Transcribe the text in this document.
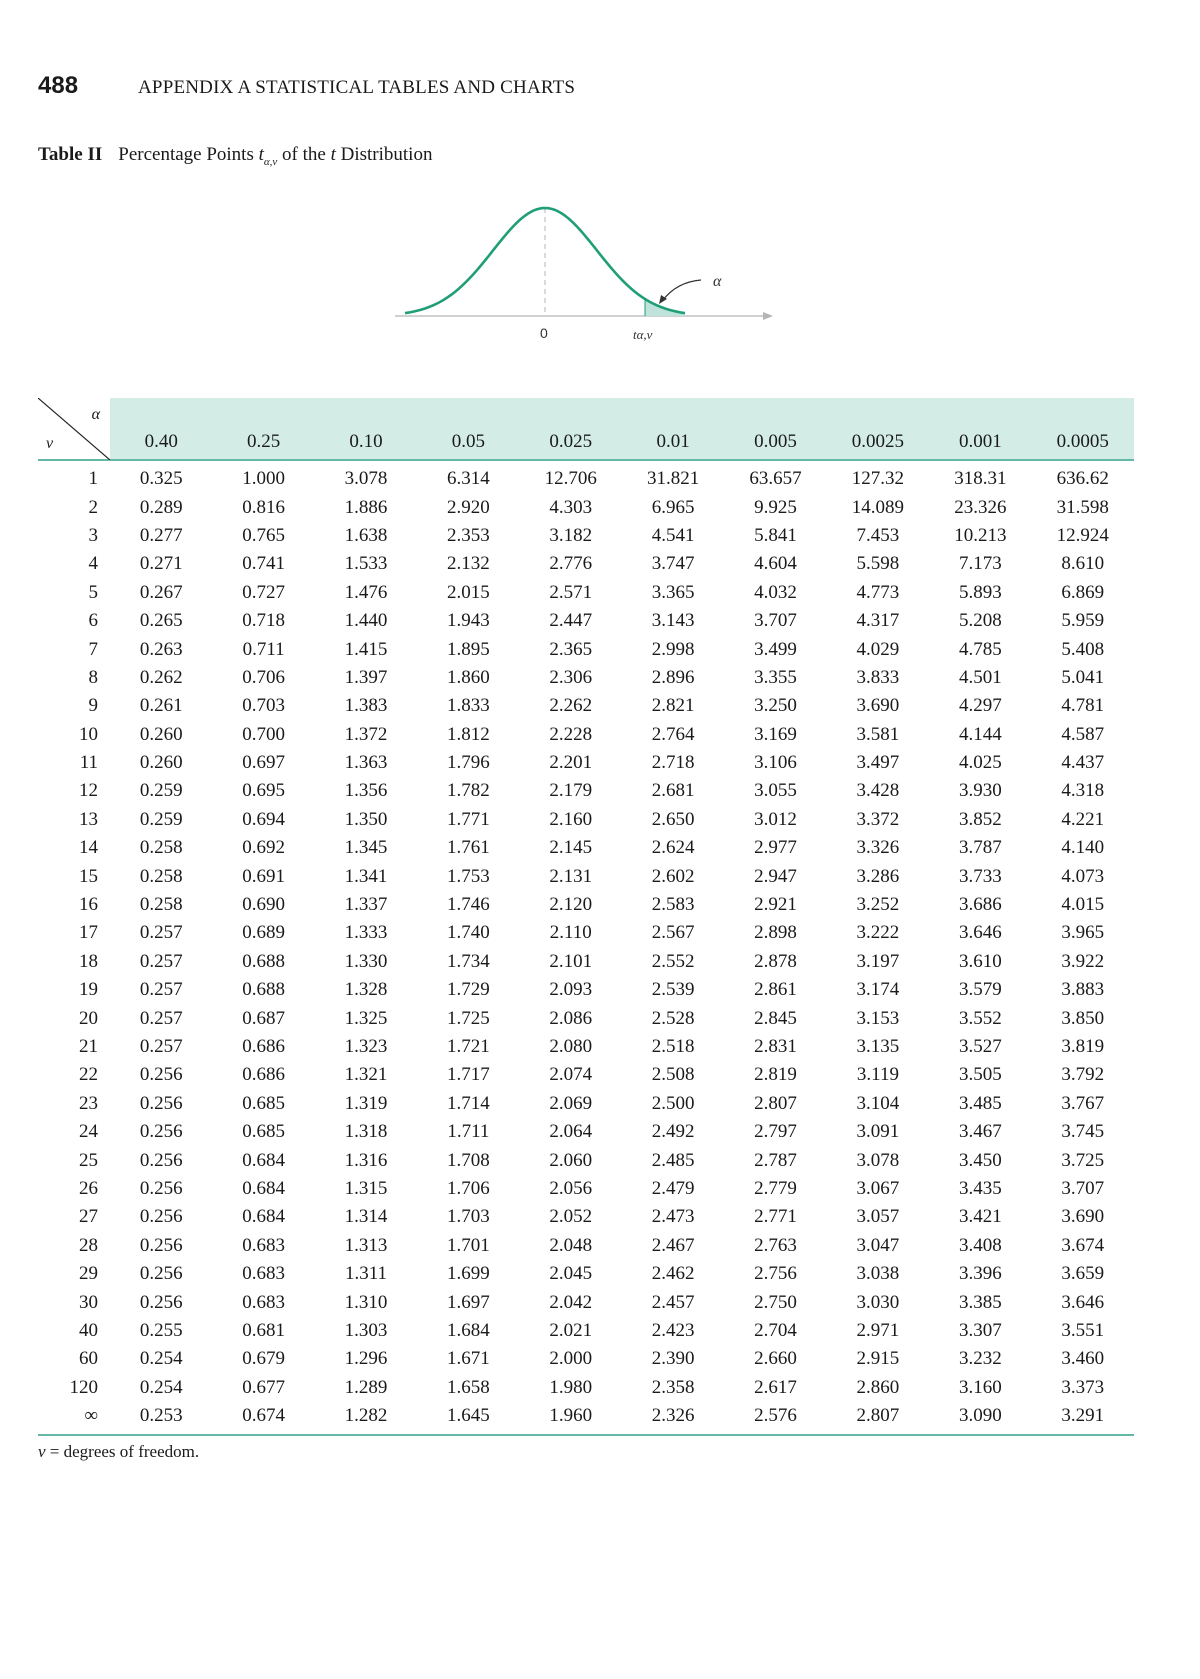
488	APPENDIX A STATISTICAL TABLES AND CHARTS
Table II Percentage Points $t_{\alpha,\nu}$ of the t Distribution
α
0	tα,ν
α
ν	0.40	0.25	0.10	0.05	0.025	0.01	0.005	0.0025	0.001	0.0005
1	0.325	1.000	3.078	6.314	12.706	31.821	63.657	127.32	318.31	636.62
2	0.289	0.816	1.886	2.920	4.303	6.965	9.925	14.089	23.326	31.598
3	0.277	0.765	1.638	2.353	3.182	4.541	5.841	7.453	10.213	12.924
4	0.271	0.741	1.533	2.132	2.776	3.747	4.604	5.598	7.173	8.610
5	0.267	0.727	1.476	2.015	2.571	3.365	4.032	4.773	5.893	6.869
6	0.265	0.718	1.440	1.943	2.447	3.143	3.707	4.317	5.208	5.959
7	0.263	0.711	1.415	1.895	2.365	2.998	3.499	4.029	4.785	5.408
8	0.262	0.706	1.397	1.860	2.306	2.896	3.355	3.833	4.501	5.041
9	0.261	0.703	1.383	1.833	2.262	2.821	3.250	3.690	4.297	4.781
10	0.260	0.700	1.372	1.812	2.228	2.764	3.169	3.581	4.144	4.587
11	0.260	0.697	1.363	1.796	2.201	2.718	3.106	3.497	4.025	4.437
12	0.259	0.695	1.356	1.782	2.179	2.681	3.055	3.428	3.930	4.318
13	0.259	0.694	1.350	1.771	2.160	2.650	3.012	3.372	3.852	4.221
14	0.258	0.692	1.345	1.761	2.145	2.624	2.977	3.326	3.787	4.140
15	0.258	0.691	1.341	1.753	2.131	2.602	2.947	3.286	3.733	4.073
16	0.258	0.690	1.337	1.746	2.120	2.583	2.921	3.252	3.686	4.015
17	0.257	0.689	1.333	1.740	2.110	2.567	2.898	3.222	3.646	3.965
18	0.257	0.688	1.330	1.734	2.101	2.552	2.878	3.197	3.610	3.922
19	0.257	0.688	1.328	1.729	2.093	2.539	2.861	3.174	3.579	3.883
20	0.257	0.687	1.325	1.725	2.086	2.528	2.845	3.153	3.552	3.850
21	0.257	0.686	1.323	1.721	2.080	2.518	2.831	3.135	3.527	3.819
22	0.256	0.686	1.321	1.717	2.074	2.508	2.819	3.119	3.505	3.792
23	0.256	0.685	1.319	1.714	2.069	2.500	2.807	3.104	3.485	3.767
24	0.256	0.685	1.318	1.711	2.064	2.492	2.797	3.091	3.467	3.745
25	0.256	0.684	1.316	1.708	2.060	2.485	2.787	3.078	3.450	3.725
26	0.256	0.684	1.315	1.706	2.056	2.479	2.779	3.067	3.435	3.707
27	0.256	0.684	1.314	1.703	2.052	2.473	2.771	3.057	3.421	3.690
28	0.256	0.683	1.313	1.701	2.048	2.467	2.763	3.047	3.408	3.674
29	0.256	0.683	1.311	1.699	2.045	2.462	2.756	3.038	3.396	3.659
30	0.256	0.683	1.310	1.697	2.042	2.457	2.750	3.030	3.385	3.646
40	0.255	0.681	1.303	1.684	2.021	2.423	2.704	2.971	3.307	3.551
60	0.254	0.679	1.296	1.671	2.000	2.390	2.660	2.915	3.232	3.460
120	0.254	0.677	1.289	1.658	1.980	2.358	2.617	2.860	3.160	3.373
∞	0.253	0.674	1.282	1.645	1.960	2.326	2.576	2.807	3.090	3.291
ν = degrees of freedom.
